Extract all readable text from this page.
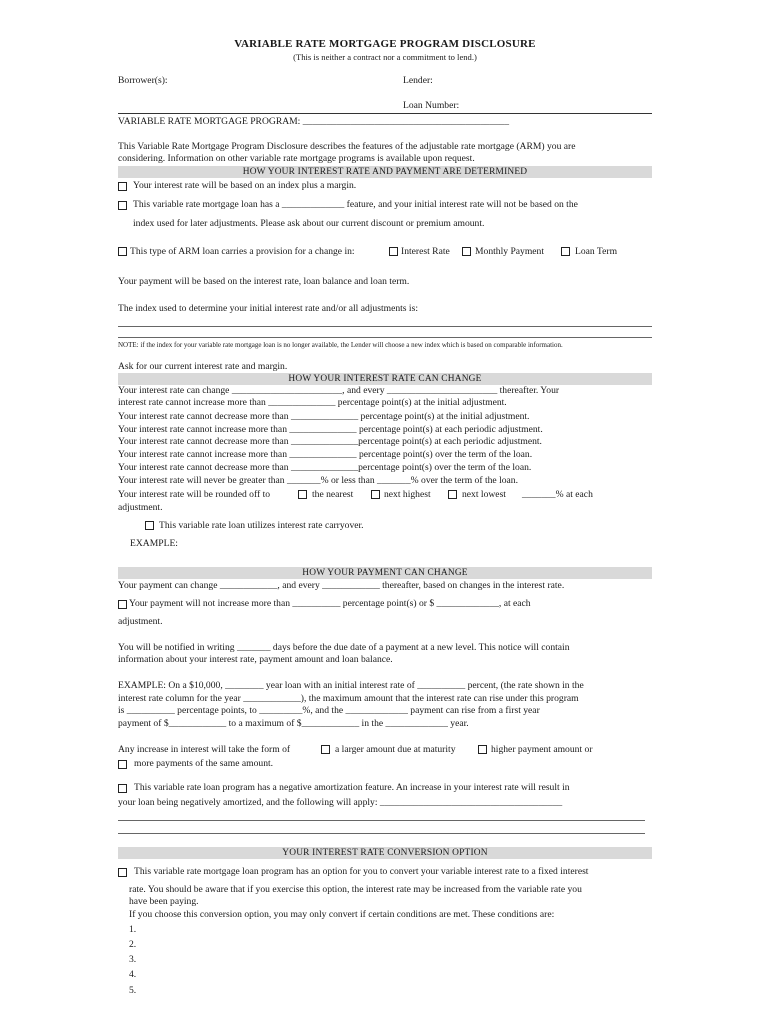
VARIABLE RATE MORTGAGE PROGRAM DISCLOSURE
(This is neither a contract nor a commitment to lend.)
Borrower(s):	Lender:
Loan Number:
VARIABLE RATE MORTGAGE PROGRAM: ___________________________________________
This Variable Rate Mortgage Program Disclosure describes the features of the adjustable rate mortgage (ARM) you are
considering. Information on other variable rate mortgage programs is available upon request.
HOW YOUR INTEREST RATE AND PAYMENT ARE DETERMINED
Your interest rate will be based on an index plus a margin.
This variable rate mortgage loan has a _____________ feature, and your initial interest rate will not be based on the
index used for later adjustments. Please ask about our current discount or premium amount.
This type of ARM loan carries a provision for a change in:	Interest Rate	Monthly Payment	Loan Term
Your payment will be based on the interest rate, loan balance and loan term.
The index used to determine your initial interest rate and/or all adjustments is:
NOTE: if the index for your variable rate mortgage loan is no longer available, the Lender will choose a new index which is based on comparable information.
Ask for our current interest rate and margin.
HOW YOUR INTEREST RATE CAN CHANGE
Your interest rate can change _______________________, and every _______________________ thereafter. Your
interest rate cannot increase more than ______________ percentage point(s) at the initial adjustment.
Your interest rate cannot decrease more than ______________ percentage point(s) at the initial adjustment.
Your interest rate cannot increase more than ______________ percentage point(s) at each periodic adjustment.
Your interest rate cannot decrease more than ______________percentage point(s) at each periodic adjustment.
Your interest rate cannot increase more than ______________ percentage point(s) over the term of the loan.
Your interest rate cannot decrease more than ______________percentage point(s) over the term of the loan.
Your interest rate will never be greater than _______% or less than _______% over the term of the loan.
Your interest rate will be rounded off to	the nearest	next highest	next lowest _______% at each
adjustment.
This variable rate loan utilizes interest rate carryover.
EXAMPLE:
HOW YOUR PAYMENT CAN CHANGE
Your payment can change ____________, and every ____________ thereafter, based on changes in the interest rate.
Your payment will not increase more than __________ percentage point(s) or $ _____________, at each
adjustment.
You will be notified in writing _______ days before the due date of a payment at a new level. This notice will contain
information about your interest rate, payment amount and loan balance.
EXAMPLE: On a $10,000, ________ year loan with an initial interest rate of __________ percent, (the rate shown in the
interest rate column for the year ____________), the maximum amount that the interest rate can rise under this program
is __________ percentage points, to _________%, and the _____________ payment can rise from a first year
payment of $____________ to a maximum of $____________ in the _____________ year.
Any increase in interest will take the form of	a larger amount due at maturity	higher payment amount or
more payments of the same amount.
This variable rate loan program has a negative amortization feature. An increase in your interest rate will result in
your loan being negatively amortized, and the following will apply: ______________________________________
YOUR INTEREST RATE CONVERSION OPTION
This variable rate mortgage loan program has an option for you to convert your variable interest rate to a fixed interest
rate. You should be aware that if you exercise this option, the interest rate may be increased from the variable rate you
have been paying.
If you choose this conversion option, you may only convert if certain conditions are met. These conditions are:
1.
2.
3.
4.
5.
